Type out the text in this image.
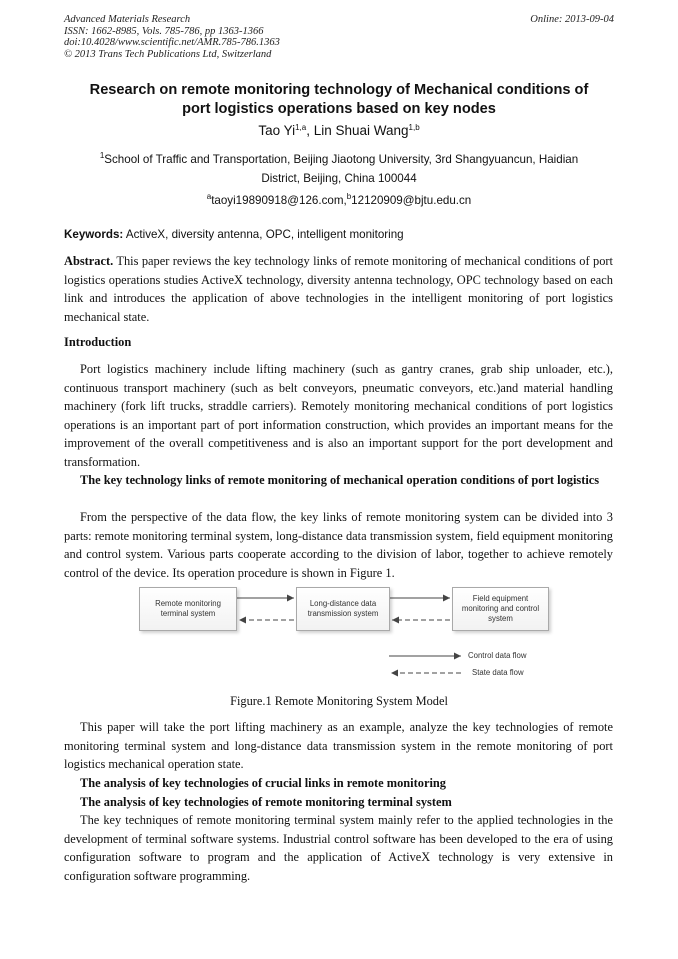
Advanced Materials Research
ISSN: 1662-8985, Vols. 785-786, pp 1363-1366
doi:10.4028/www.scientific.net/AMR.785-786.1363
© 2013 Trans Tech Publications Ltd, Switzerland
Online: 2013-09-04
Research on remote monitoring technology of Mechanical conditions of
port logistics operations based on key nodes
Tao Yi$^{1,a}$, Lin Shuai Wang$^{1,b}$
$^1$School of Traffic and Transportation, Beijing Jiaotong University, 3rd Shangyuancun, Haidian
District, Beijing, China 100044
$^a$taoyi19890918@126.com,$^b$12120909@bjtu.edu.cn
Keywords: ActiveX, diversity antenna, OPC, intelligent monitoring
Abstract. This paper reviews the key technology links of remote monitoring of mechanical conditions of port logistics operations studies ActiveX technology, diversity antenna technology, OPC technology based on each link and introduces the application of above technologies in the intelligent monitoring of port logistics mechanical state.
Introduction
Port logistics machinery include lifting machinery (such as gantry cranes, grab ship unloader, etc.), continuous transport machinery (such as belt conveyors, pneumatic conveyors, etc.)and material handling machinery (fork lift trucks, straddle carriers). Remotely monitoring mechanical conditions of port logistics operations is an important part of port information construction, which provides an important means for the improvement of the overall competitiveness and is also an important support for the port development and transformation.
The key technology links of remote monitoring of mechanical operation conditions of port logistics
From the perspective of the data flow, the key links of remote monitoring system can be divided into 3 parts: remote monitoring terminal system, long-distance data transmission system, field equipment monitoring and control system. Various parts cooperate according to the division of labor, together to achieve remotely control of the device. Its operation procedure is shown in Figure 1.
Remote monitoring terminal system
Long-distance data transmission system
Field equipment monitoring and control system
Control data flow
State data flow
Figure.1 Remote Monitoring System Model
This paper will take the port lifting machinery as an example, analyze the key technologies of remote monitoring terminal system and long-distance data transmission system in the remote monitoring of port logistics mechanical operation state.
The analysis of key technologies of crucial links in remote monitoring
The analysis of key technologies of remote monitoring terminal system
The key techniques of remote monitoring terminal system mainly refer to the applied technologies in the development of terminal software systems. Industrial control software has been developed to the era of using configuration software to program and the application of ActiveX technology is very extensive in configuration software programming.
